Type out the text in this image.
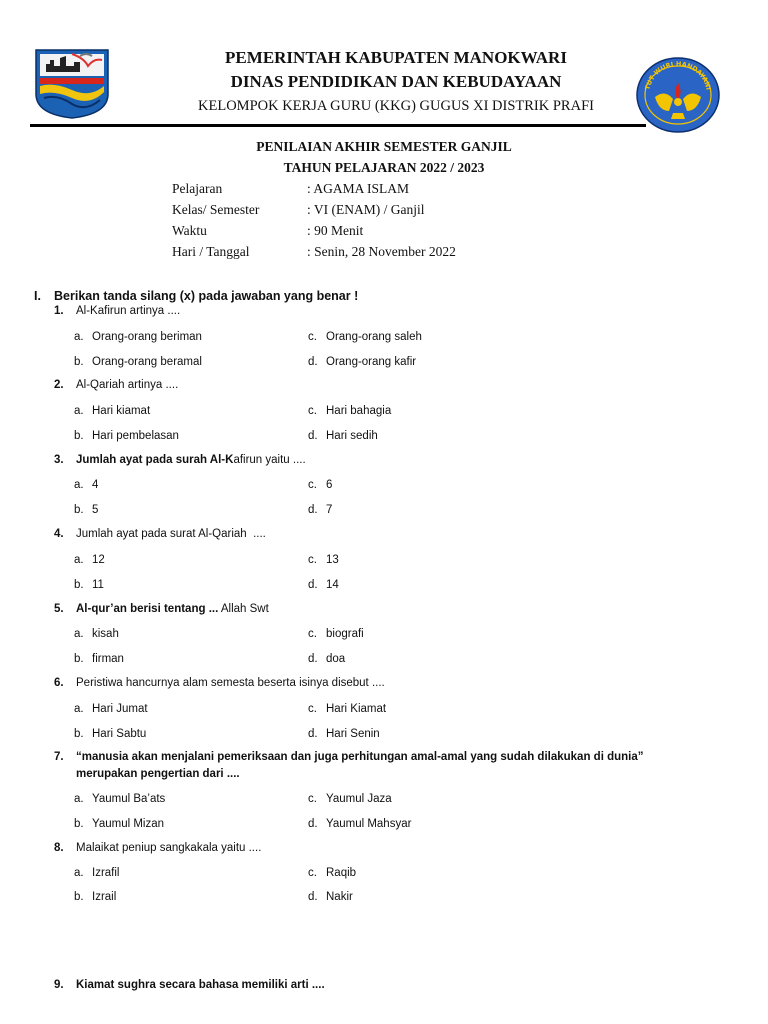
TUT WURI HANDAYANI
PEMERINTAH KABUPATEN MANOKWARI
DINAS PENDIDIKAN DAN KEBUDAYAAN
KELOMPOK KERJA GURU (KKG) GUGUS XI DISTRIK PRAFI
PENILAIAN AKHIR SEMESTER GANJIL
TAHUN PELAJARAN 2022 / 2023
Pelajaran	: AGAMA ISLAM
Kelas/ Semester	: VI (ENAM) / Ganjil
Waktu	: 90 Menit
Hari / Tanggal	: Senin, 28 November 2022
I. Berikan tanda silang (x) pada jawaban yang benar !
1. Al-Kafirun artinya ....
a. Orang-orang beriman
b. Orang-orang beramal
c. Orang-orang saleh
d. Orang-orang kafir
2. Al-Qariah artinya ....
a. Hari kiamat
b. Hari pembelasan
c. Hari bahagia
d. Hari sedih
3. Jumlah ayat pada surah Al-Kafirun yaitu ....
a. 4
b. 5
c. 6
d. 7
4. Jumlah ayat pada surat Al-Qariah  ....
a. 12
b. 11
c. 13
d. 14
5. Al-qur’an berisi tentang ... Allah Swt
a. kisah
b. firman
c. biografi
d. doa
6. Peristiwa hancurnya alam semesta beserta isinya disebut ....
a. Hari Jumat
b. Hari Sabtu
c. Hari Kiamat
d. Hari Senin
7. “manusia akan menjalani pemeriksaan dan juga perhitungan amal-amal yang sudah dilakukan di dunia”
merupakan pengertian dari ....
a. Yaumul Ba’ats
b. Yaumul Mizan
c. Yaumul Jaza
d. Yaumul Mahsyar
8. Malaikat peniup sangkakala yaitu ....
a. Izrafil
b. Izrail
c. Raqib
d. Nakir
9. Kiamat sughra secara bahasa memiliki arti ....
